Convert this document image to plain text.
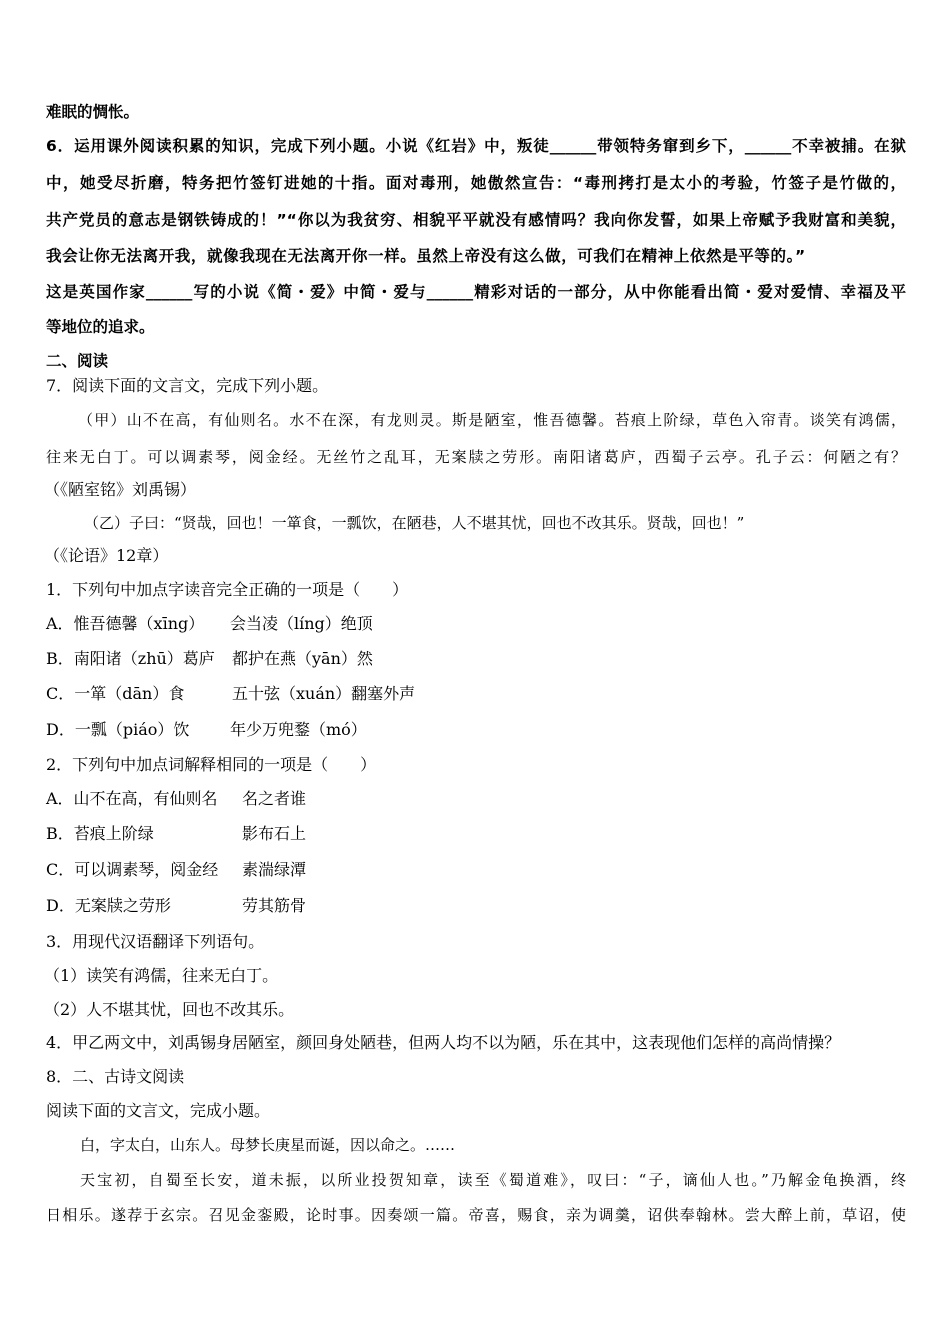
难眠的惆怅。
6．运用课外阅读积累的知识，完成下列小题。小说《红岩》中，叛徒______带领特务窜到乡下，______不幸被捕。在狱
中，她受尽折磨，特务把竹签钉进她的十指。面对毒刑，她傲然宣告：“毒刑拷打是太小的考验，竹签子是竹做的，
共产党员的意志是钢铁铸成的！”“你以为我贫穷、相貌平平就没有感情吗？我向你发誓，如果上帝赋予我财富和美貌，
我会让你无法离开我，就像我现在无法离开你一样。虽然上帝没有这么做，可我们在精神上依然是平等的。”
这是英国作家______写的小说《简・爱》中简・爱与______精彩对话的一部分，从中你能看出简・爱对爱情、幸福及平
等地位的追求。
二、阅读
7．阅读下面的文言文，完成下列小题。
（甲）山不在高，有仙则名。水不在深，有龙则灵。斯是陋室，惟吾德馨。苔痕上阶绿，草色入帘青。谈笑有鸿儒，
往来无白丁。可以调素琴，阅金经。无丝竹之乱耳，无案牍之劳形。南阳诸葛庐，西蜀子云亭。孔子云：何陋之有？
（《陋室铭》刘禹锡）
（乙）子曰：“贤哉，回也！一箪食，一瓢饮，在陋巷，人不堪其忧，回也不改其乐。贤哉，回也！”
（《论语》12章）
1．下列句中加点字读音完全正确的一项是（　　）
A．惟吾德馨（xīng） 会当凌（líng）绝顶
B．南阳诸（zhū）葛庐 都护在燕（yān）然
C．一箪（dān）食	五十弦（xuán）翻塞外声
D．一瓢（piáo）饮	年少万兜鍪（mó）
2．下列句中加点词解释相同的一项是（　　）
A．山不在高，有仙则名 名之者谁
B．苔痕上阶绿	影布石上
C．可以调素琴，阅金经 素湍绿潭
D．无案牍之劳形	劳其筋骨
3．用现代汉语翻译下列语句。
（1）读笑有鸿儒，往来无白丁。
（2）人不堪其忧，回也不改其乐。
4．甲乙两文中，刘禹锡身居陋室，颜回身处陋巷，但两人均不以为陋，乐在其中，这表现他们怎样的高尚情操？
8．二、古诗文阅读
阅读下面的文言文，完成小题。
白，字太白，山东人。母梦长庚星而诞，因以命之。……
天宝初，自蜀至长安，道未振，以所业投贺知章，读至《蜀道难》，叹曰：“子，谪仙人也。”乃解金龟换酒，终
日相乐。遂荐于玄宗。召见金銮殿，论时事。因奏颂一篇。帝喜，赐食，亲为调羹，诏供奉翰林。尝大醉上前，草诏，使
